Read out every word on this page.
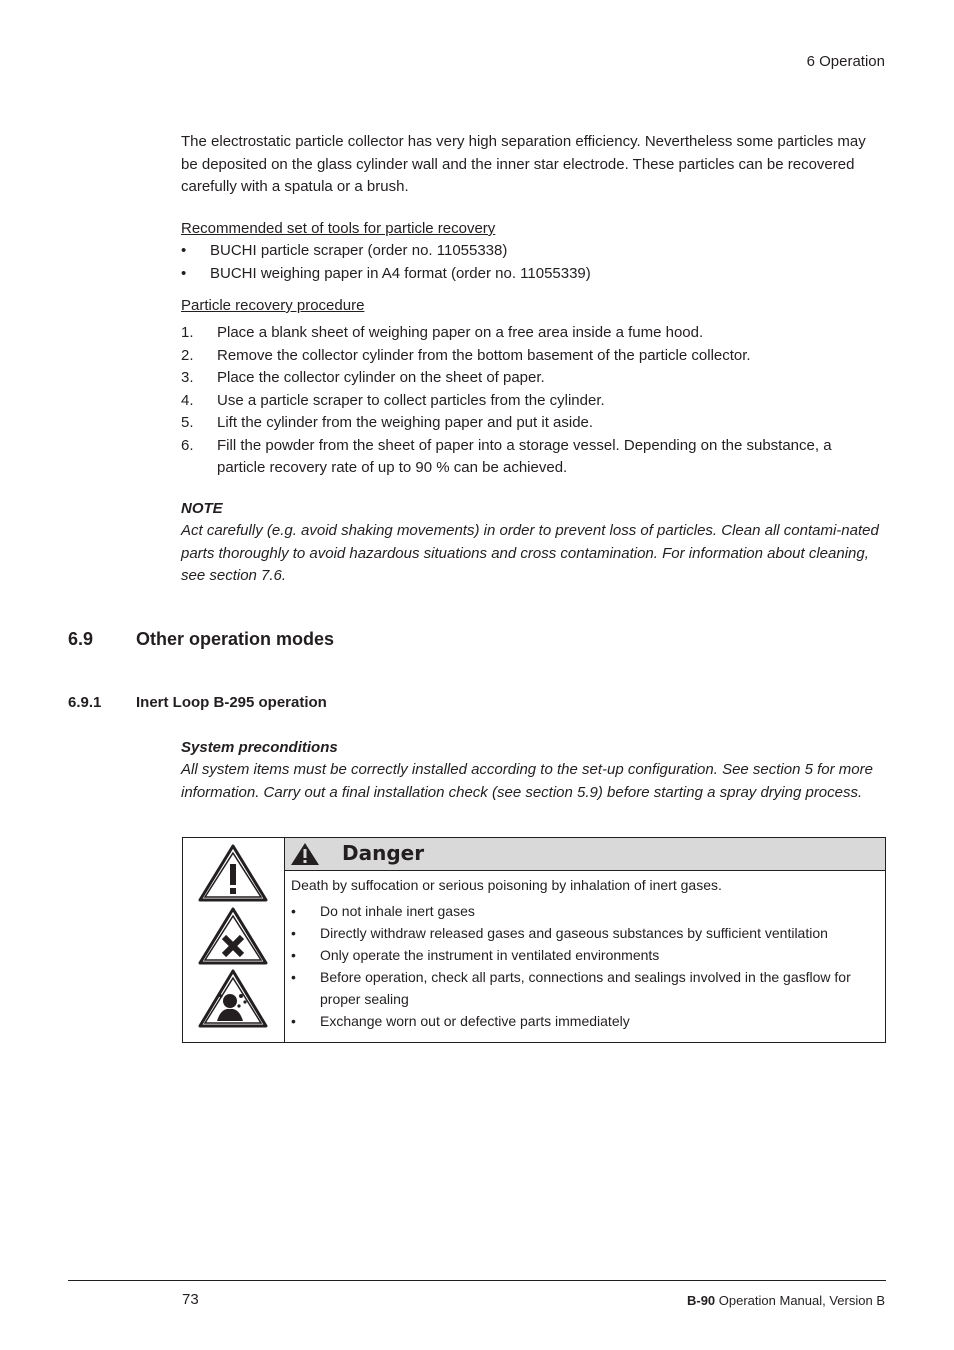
6 Operation
The electrostatic particle collector has very high separation efficiency. Nevertheless some particles may be deposited on the glass cylinder wall and the inner star electrode. These particles can be recovered carefully with a spatula or a brush.
Recommended set of tools for particle recovery
• BUCHI particle scraper (order no. 11055338)
• BUCHI weighing paper in A4 format (order no. 11055339)
Particle recovery procedure
1. Place a blank sheet of weighing paper on a free area inside a fume hood.
2. Remove the collector cylinder from the bottom basement of the particle collector.
3. Place the collector cylinder on the sheet of paper.
4. Use a particle scraper to collect particles from the cylinder.
5. Lift the cylinder from the weighing paper and put it aside.
6. Fill the powder from the sheet of paper into a storage vessel. Depending on the substance, a particle recovery rate of up to 90 % can be achieved.
NOTE
Act carefully (e.g. avoid shaking movements) in order to prevent loss of particles. Clean all contami-nated parts thoroughly to avoid hazardous situations and cross contamination. For information about cleaning, see section 7.6.
6.9 Other operation modes
6.9.1 Inert Loop B-295 operation
System preconditions
All system items must be correctly installed according to the set-up configuration. See section 5 for more information. Carry out a final installation check (see section 5.9) before starting a spray drying process.
Danger
Death by suffocation or serious poisoning by inhalation of inert gases.
• Do not inhale inert gases
• Directly withdraw released gases and gaseous substances by sufficient ventilation
• Only operate the instrument in ventilated environments
• Before operation, check all parts, connections and sealings involved in the gasflow for proper sealing
• Exchange worn out or defective parts immediately
73	B-90 Operation Manual, Version B
